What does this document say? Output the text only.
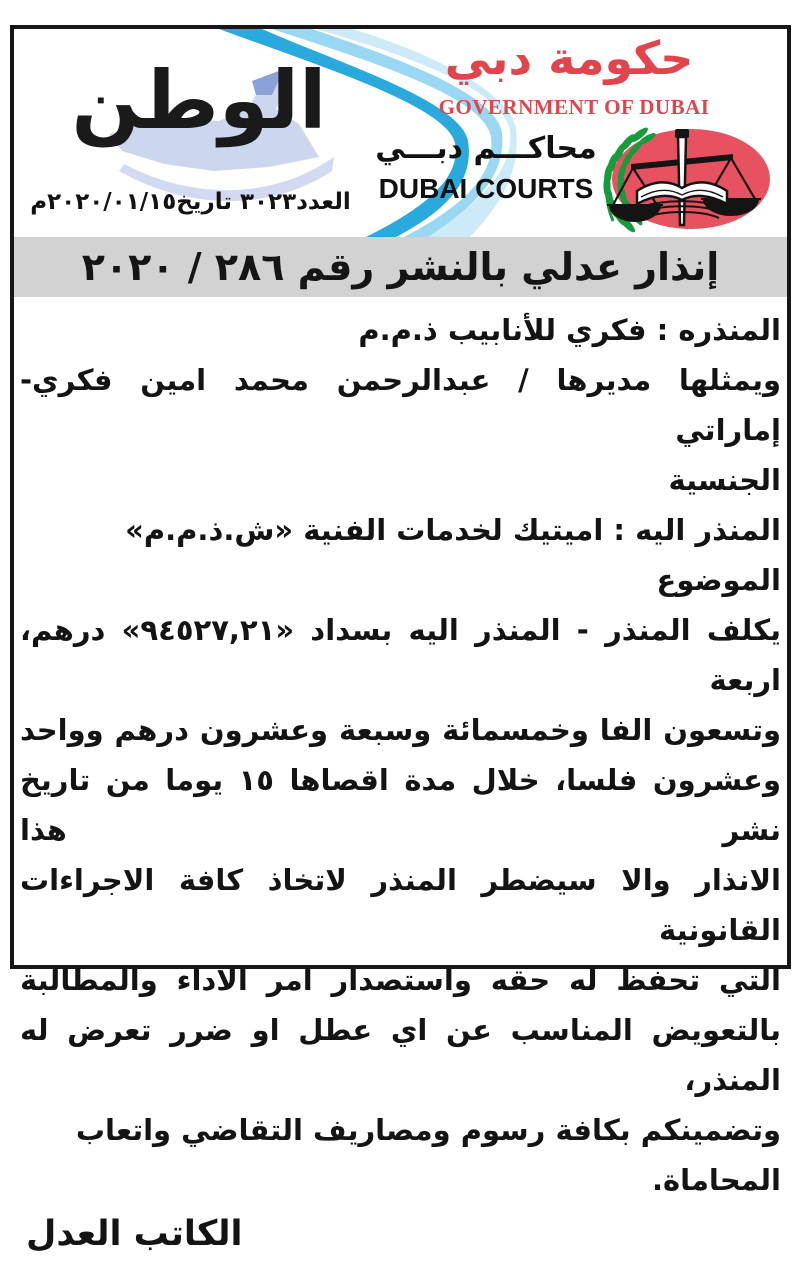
الوطن
العدد٣٠٢٣ تاريخ٢٠٢٠/٠١/١٥م
حكومة دبي
GOVERNMENT OF DUBAI
محاكـــم دبـــي
DUBAI COURTS
إنذار عدلي بالنشر رقم ٢٨٦ / ٢٠٢٠
المنذره : فكري للأنابيب ذ.م.م
ويمثلها مديرها / عبدالرحمن محمد امين فكري- إماراتي
الجنسية
المنذر اليه : اميتيك لخدمات الفنية «ش.ذ.م.م»
الموضوع
يكلف المنذر - المنذر اليه بسداد «٩٤٥٢٧,٢١» درهم، اربعة
وتسعون الفا وخمسمائة وسبعة وعشرون درهم وواحد
وعشرون فلسا، خلال مدة اقصاها ١٥ يوما من تاريخ نشر هذا
الانذار والا سيضطر المنذر لاتخاذ كافة الاجراءات القانونية
التي تحفظ له حقه واستصدار امر الاداء والمطالبة
بالتعويض المناسب عن اي عطل او ضرر تعرض له المنذر،
وتضمينكم بكافة رسوم ومصاريف التقاضي واتعاب المحاماة.
الكاتب العدل
